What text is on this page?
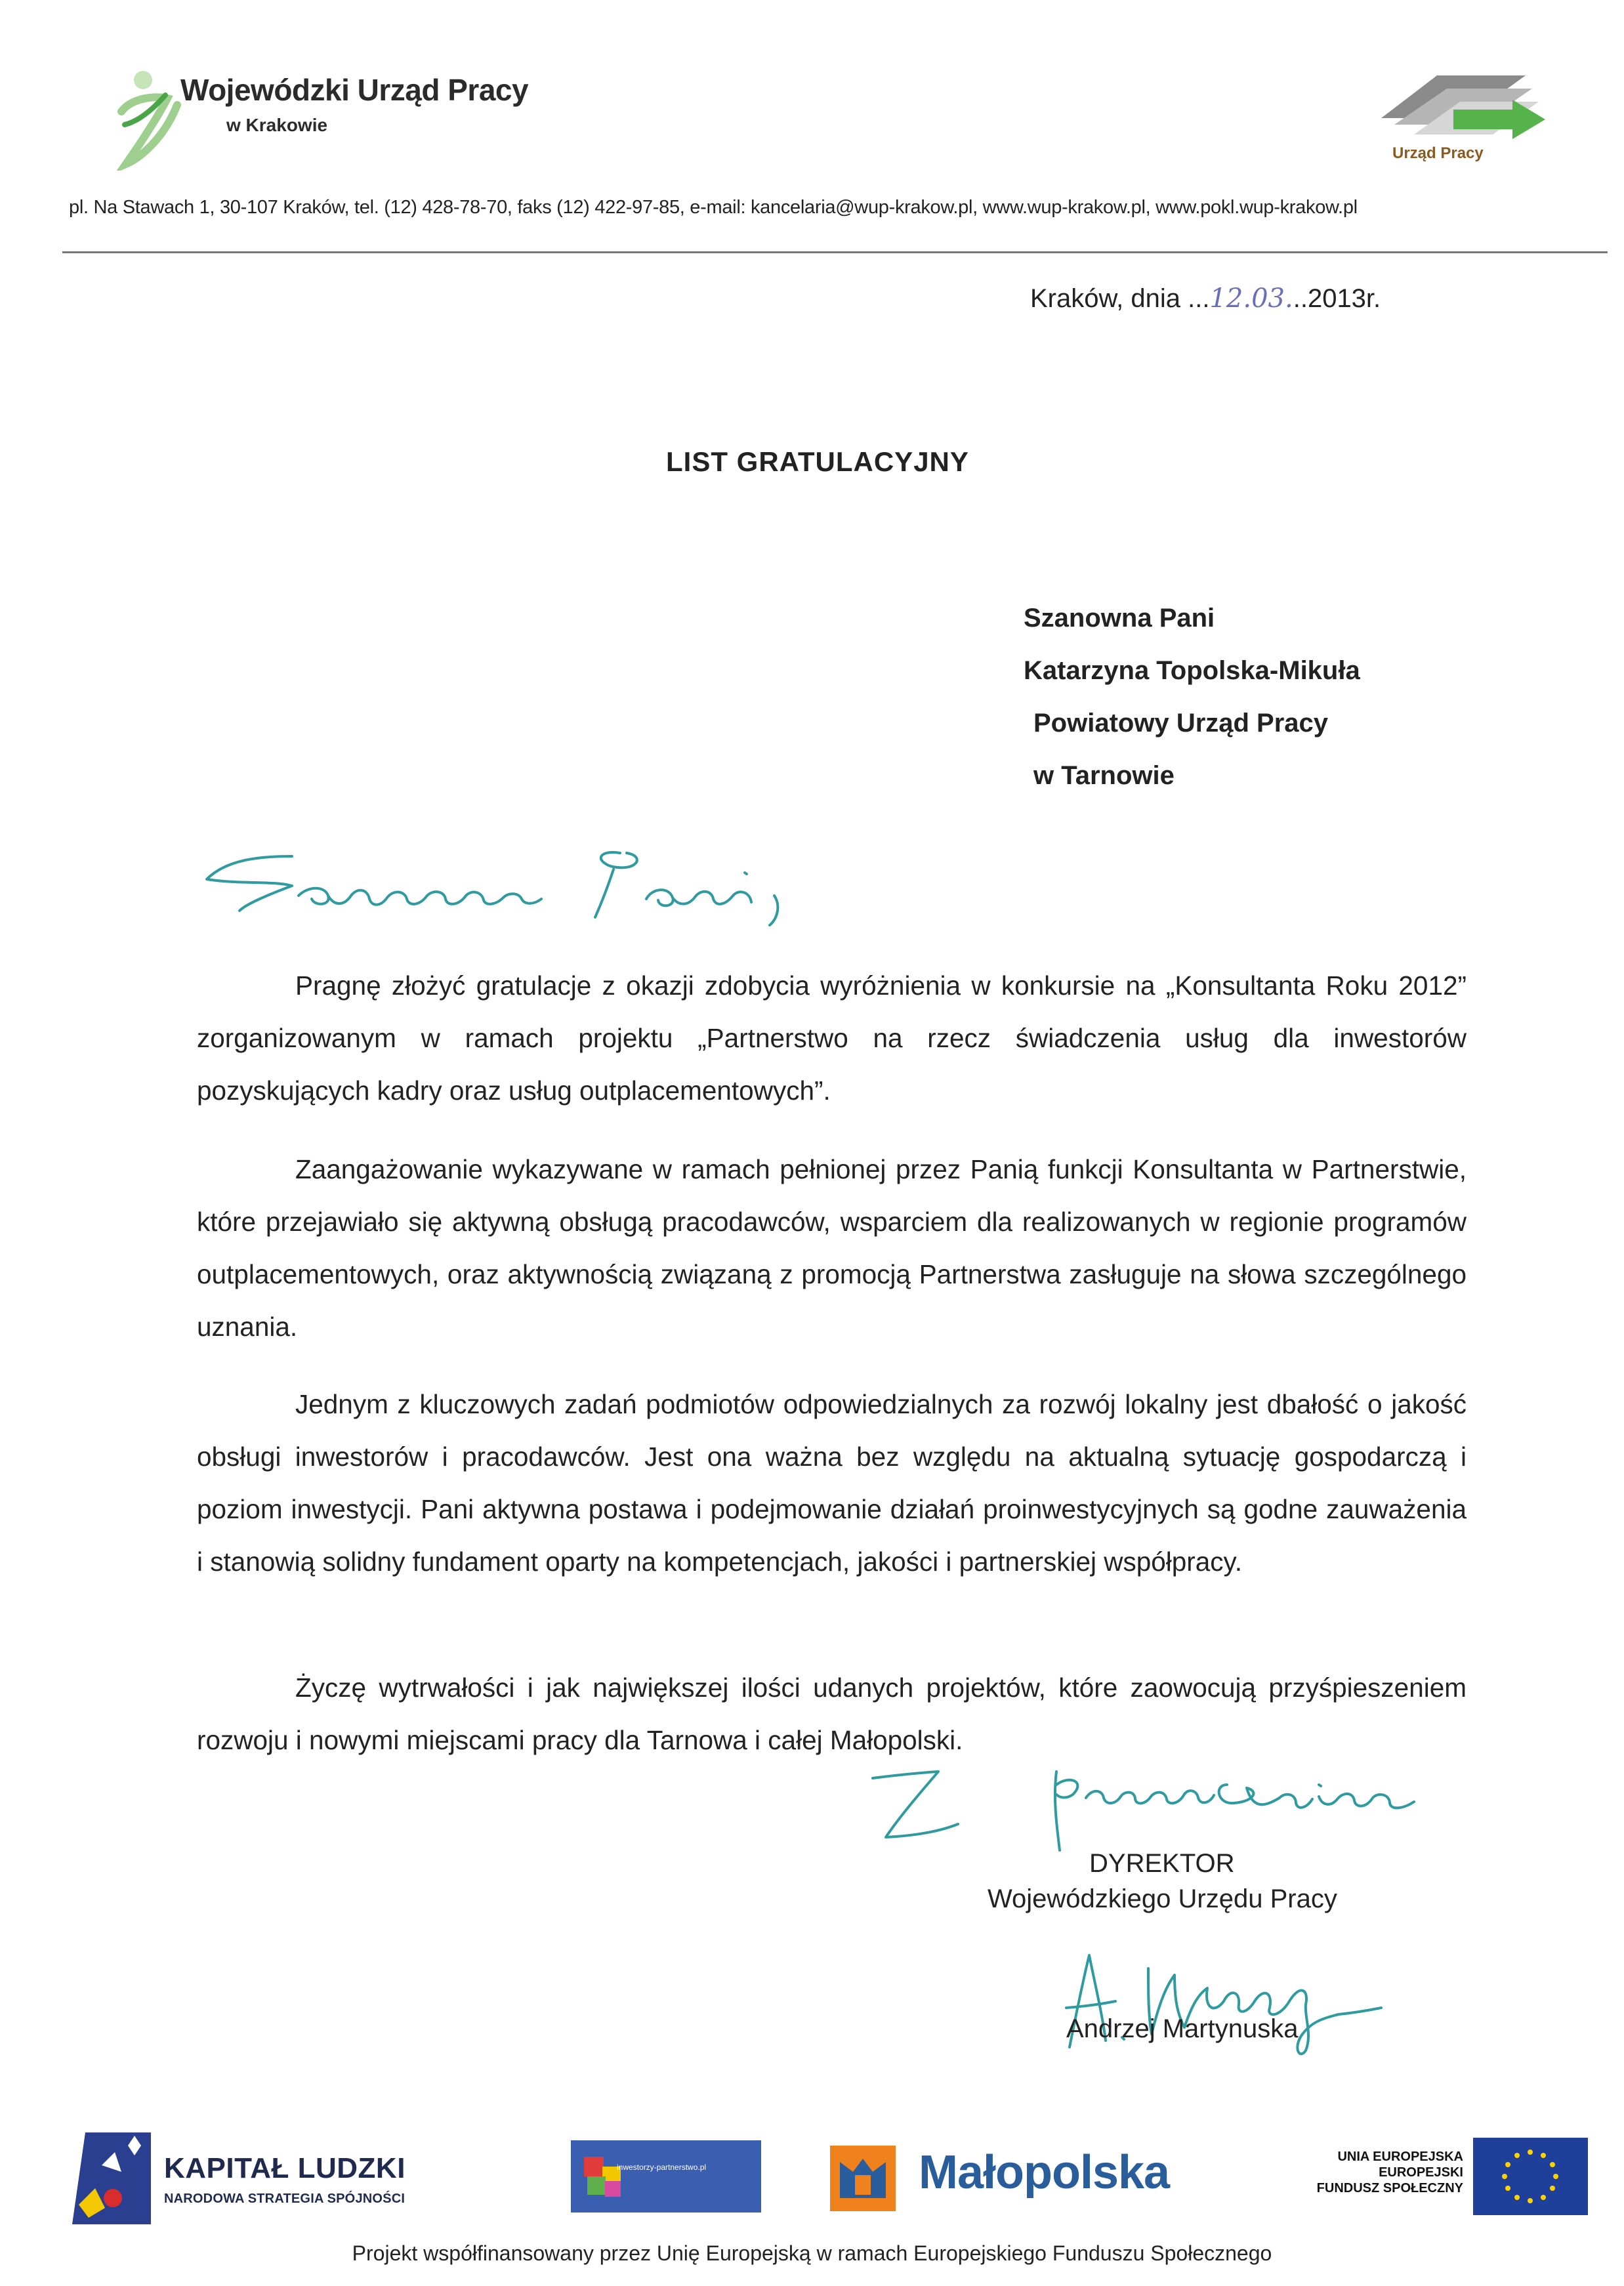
Wojewódzki Urząd Pracy
w Krakowie
Urząd Pracy
pl. Na Stawach 1, 30-107 Kraków, tel. (12) 428-78-70, faks (12) 422-97-85, e-mail: kancelaria@wup-krakow.pl, www.wup-krakow.pl, www.pokl.wup-krakow.pl
Kraków, dnia ...12.03...2013r.
LIST GRATULACYJNY
Szanowna Pani
Katarzyna Topolska-Mikuła
Powiatowy Urząd Pracy
w Tarnowie

Pragnę złożyć gratulacje z okazji zdobycia wyróżnienia w konkursie na „Konsultanta Roku 2012” zorganizowanym w ramach projektu „Partnerstwo na rzecz świadczenia usług dla inwestorów pozyskujących kadry oraz usług outplacementowych”.

Zaangażowanie wykazywane w ramach pełnionej przez Panią funkcji Konsultanta w Partnerstwie, które przejawiało się aktywną obsługą pracodawców, wsparciem dla realizowanych w regionie programów outplacementowych, oraz aktywnością związaną z promocją Partnerstwa zasługuje na słowa szczególnego uznania.

Jednym z kluczowych zadań podmiotów odpowiedzialnych za rozwój lokalny jest dbałość o jakość obsługi inwestorów i pracodawców. Jest ona ważna bez względu na aktualną sytuację gospodarczą i poziom inwestycji. Pani aktywna postawa i podejmowanie działań proinwestycyjnych są godne zauważenia i stanowią solidny fundament oparty na kompetencjach, jakości i partnerskiej współpracy.

Życzę wytrwałości i jak największej ilości udanych projektów, które zaowocują przyśpieszeniem rozwoju i nowymi miejscami pracy dla Tarnowa i całej Małopolski.

DYREKTOR
Wojewódzkiego Urzędu Pracy
Andrzej Martynuska
KAPITAŁ LUDZKI
NARODOWA STRATEGIA SPÓJNOŚCI
inwestorzy-partnerstwo.pl	Małopolska	UNIA EUROPEJSKA
EUROPEJSKI
FUNDUSZ SPOŁECZNY
Projekt współfinansowany przez Unię Europejską w ramach Europejskiego Funduszu Społecznego
